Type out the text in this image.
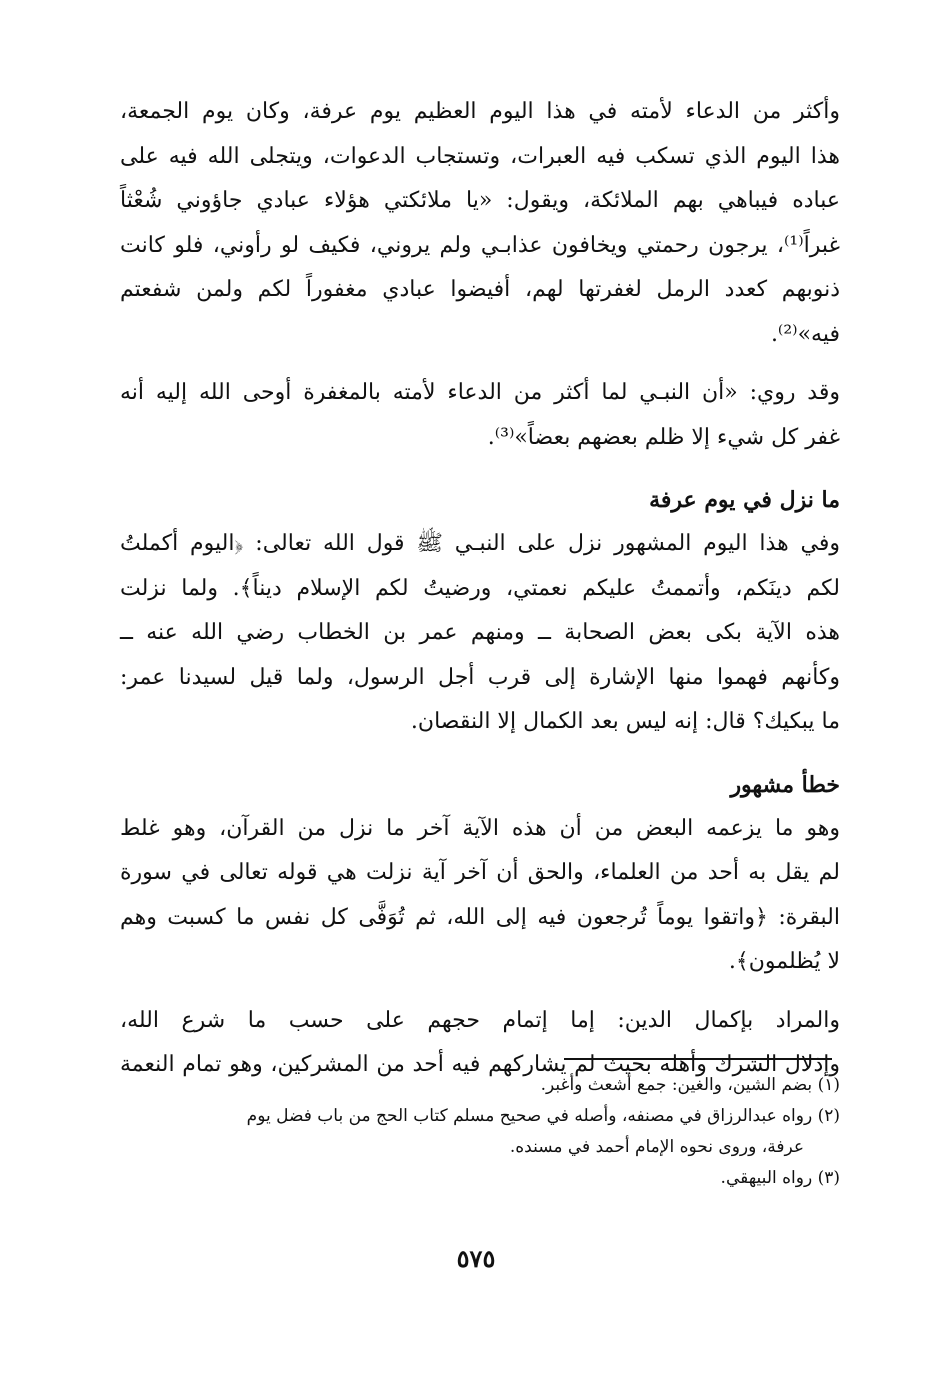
وأكثر من الدعاء لأمته في هذا اليوم العظيم يوم عرفة، وكان يوم الجمعة،
هذا اليوم الذي تسكب فيه العبرات، وتستجاب الدعوات، ويتجلى الله فيه على
عباده فيباهي بهم الملائكة، ويقول: «يا ملائكتي هؤلاء عبادي جاؤوني شُعْثاً
غبراً⁽¹⁾، يرجون رحمتي ويخافون عذابـي ولم يروني، فكيف لو رأوني، فلو كانت
ذنوبهم كعدد الرمل لغفرتها لهم، أفيضوا عبادي مغفوراً لكم ولمن شفعتم
فيه»⁽²⁾.

وقد روي: «أن النبـي لما أكثر من الدعاء لأمته بالمغفرة أوحى الله إليه أنه
غفر كل شيء إلا ظلم بعضهم بعضاً»⁽³⁾.

ما نزل في يوم عرفة

وفي هذا اليوم المشهور نزل على النبـي ﷺ قول الله تعالى: ﴿اليوم أكملتُ
لكم دينَكم، وأتممتُ عليكم نعمتي، ورضيتُ لكم الإسلام ديناً﴾. ولما نزلت
هذه الآية بكى بعض الصحابة ــ ومنهم عمر بن الخطاب رضي الله عنه ــ
وكأنهم فهموا منها الإشارة إلى قرب أجل الرسول، ولما قيل لسيدنا عمر:
ما يبكيك؟ قال: إنه ليس بعد الكمال إلا النقصان.

خطأ مشهور

وهو ما يزعمه البعض من أن هذه الآية آخر ما نزل من القرآن، وهو غلط
لم يقل به أحد من العلماء، والحق أن آخر آية نزلت هي قوله تعالى في سورة
البقرة: ﴿واتقوا يوماً تُرجعون فيه إلى الله، ثم تُوَفَّى كل نفس ما كسبت وهم
لا يُظلمون﴾.

والمراد بإكمال الدين: إما إتمام حجهم على حسب ما شرع الله،
وإذلال الشرك وأهله بحيث لم يشاركهم فيه أحد من المشركين، وهو تمام النعمة

(١) بضم الشين، والغين: جمع أشعث وأغبر.
(٢) رواه عبدالرزاق في مصنفه، وأصله في صحيح مسلم كتاب الحج من باب فضل يوم
عرفة، وروى نحوه الإمام أحمد في مسنده.
(٣) رواه البيهقي.
٥٧٥
